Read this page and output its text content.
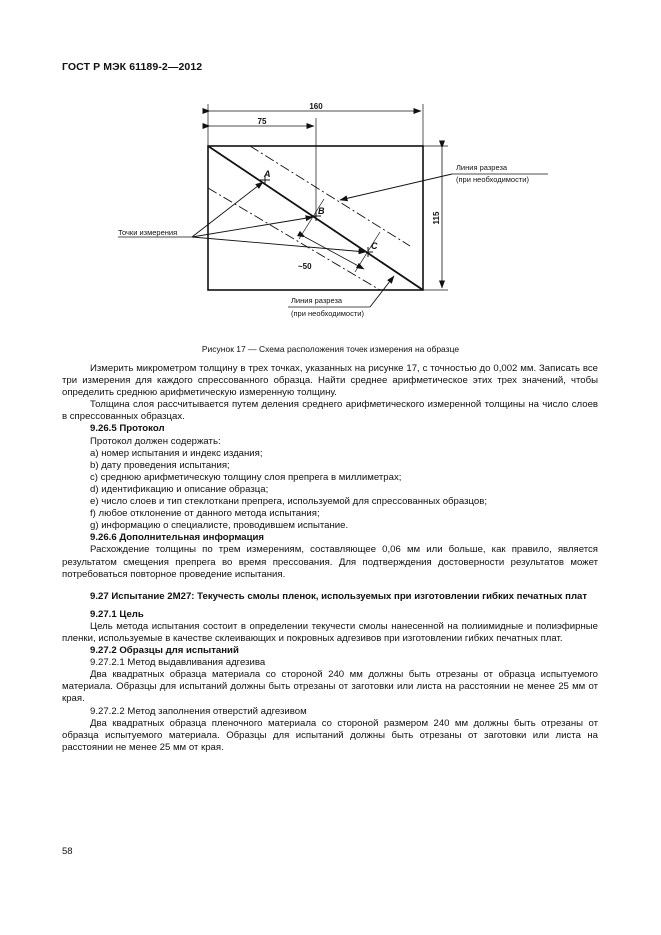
ГОСТ Р МЭК 61189-2—2012
160
75
115
~50
A
B
C
Точки измерения
Линия разреза
(при необходимости)
Линия разреза
(при необходимости)
Рисунок 17 — Схема расположения точек измерения на образце

Измерить микрометром толщину в трех точках, указанных на рисунке 17, с точностью до 0,002 мм. Записать все три измерения для каждого спрессованного образца. Найти среднее арифметическое этих трех значений, чтобы определить среднюю арифметическую измеренную толщину.

Толщина слоя рассчитывается путем деления среднего арифметического измеренной толщины на число слоев в спрессованных образцах.

9.26.5 Протокол

Протокол должен содержать:

a) номер испытания и индекс издания;

b) дату проведения испытания;

c) среднюю арифметическую толщину слоя препрега в миллиметрах;

d) идентификацию и описание образца;

e) число слоев и тип стеклоткани препрега, используемой для спрессованных образцов;

f) любое отклонение от данного метода испытания;

g) информацию о специалисте, проводившем испытание.

9.26.6 Дополнительная информация

Расхождение толщины по трем измерениям, составляющее 0,06 мм или больше, как правило, является результатом смещения препрега во время прессования. Для подтверждения достоверности результатов может потребоваться повторное проведение испытания.

9.27 Испытание 2М27: Текучесть смолы пленок, используемых при изготовлении гибких печатных плат

9.27.1 Цель

Цель метода испытания состоит в определении текучести смолы нанесенной на полиимидные и полиэфирные пленки, используемые в качестве склеивающих и покровных адгезивов при изготовлении гибких печатных плат.

9.27.2 Образцы для испытаний

9.27.2.1 Метод выдавливания адгезива

Два квадратных образца материала со стороной 240 мм должны быть отрезаны от образца испытуемого материала. Образцы для испытаний должны быть отрезаны от заготовки или листа на расстоянии не менее 25 мм от края.

9.27.2.2 Метод заполнения отверстий адгезивом

Два квадратных образца пленочного материала со стороной размером 240 мм должны быть отрезаны от образца испытуемого материала. Образцы для испытаний должны быть отрезаны от заготовки или листа на расстоянии не менее 25 мм от края.

58
